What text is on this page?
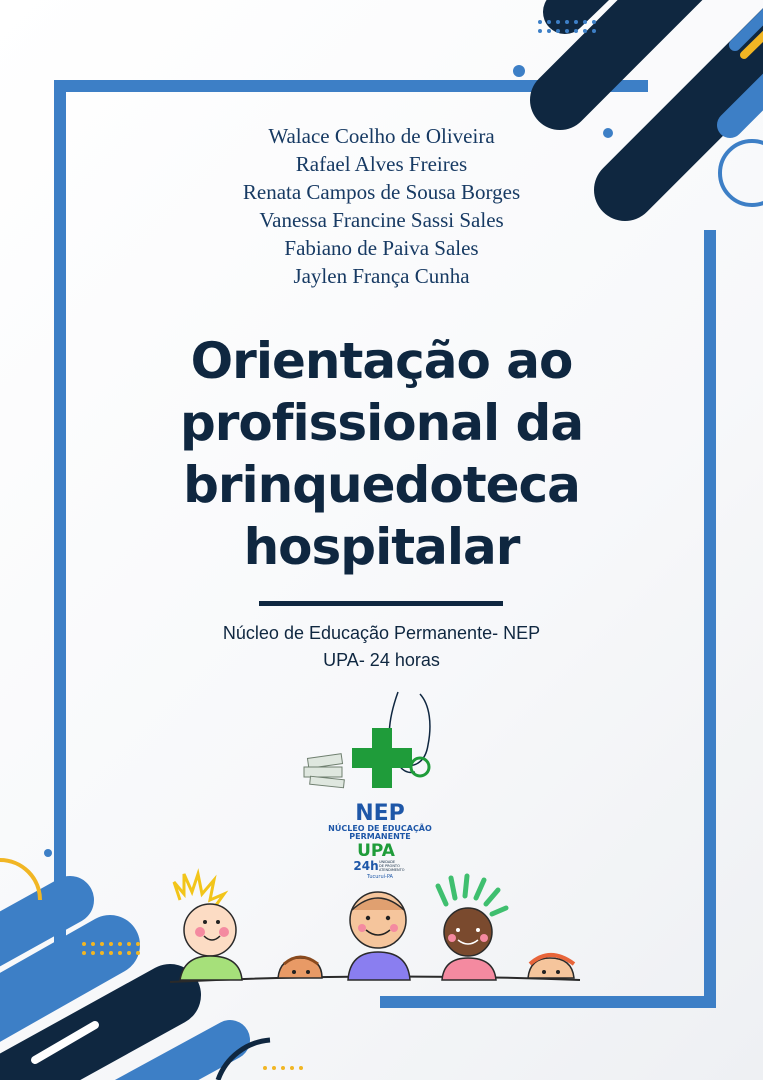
Walace Coelho de Oliveira
Rafael Alves Freires
Renata Campos de Sousa Borges
Vanessa Francine Sassi Sales
Fabiano de Paiva Sales
Jaylen França Cunha
Orientação ao
profissional da
brinquedoteca
hospitalar
Núcleo de Educação Permanente- NEP
UPA- 24 horas
NEP
NÚCLEO DE EDUCAÇÃO
PERMANENTE
UPA
24h UNIDADE
DE PRONTO
ATENDIMENTO
Tucuruí-PA
